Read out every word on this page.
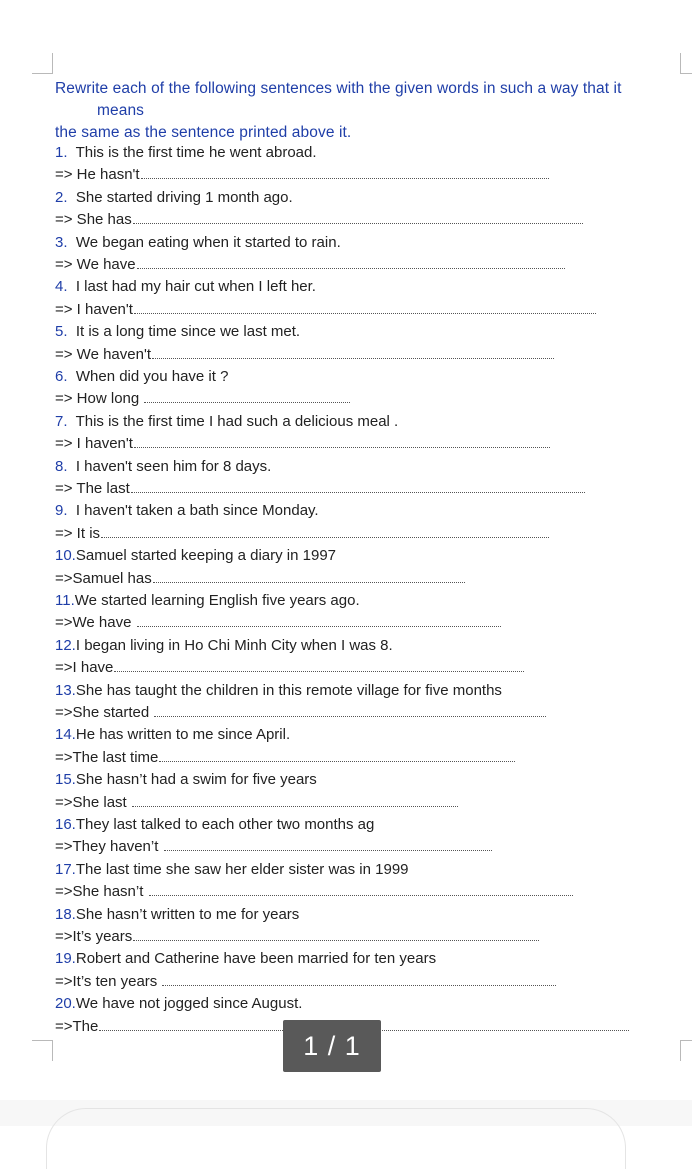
Rewrite each of the following sentences with the given words in such a way that it
means
the same as the sentence printed above it.
1.  This is the first time he went abroad.
=> He hasn't
2.  She started driving 1 month ago.
=> She has
3.  We began eating when it started to rain.
=> We have
4.  I last had my hair cut when I left her.
=> I haven't
5.  It is a long time since we last met.
=> We haven't
6.  When did you have it ?
=> How long
7.  This is the first time I had such a delicious meal .
=> I haven't
8.  I haven't seen him for 8 days.
=> The last
9.  I haven't taken a bath since Monday.
=> It is
10.Samuel started keeping a diary in 1997
=>Samuel has
11.We started learning English five years ago.
=>We have
12.I began living in Ho Chi Minh City when I was 8.
=>I have
13.She has taught the children in this remote village for five months
=>She started
14.He has written to me since April.
=>The last time
15.She hasn’t had a swim for five years
=>She last
16.They last talked to each other two months ag
=>They haven’t
17.The last time she saw her elder sister was in 1999
=>She hasn’t
18.She hasn’t written to me for years
=>It’s years
19.Robert and Catherine have been married for ten years
=>It’s ten years
20.We have not jogged since August.
=>The
1 / 1
